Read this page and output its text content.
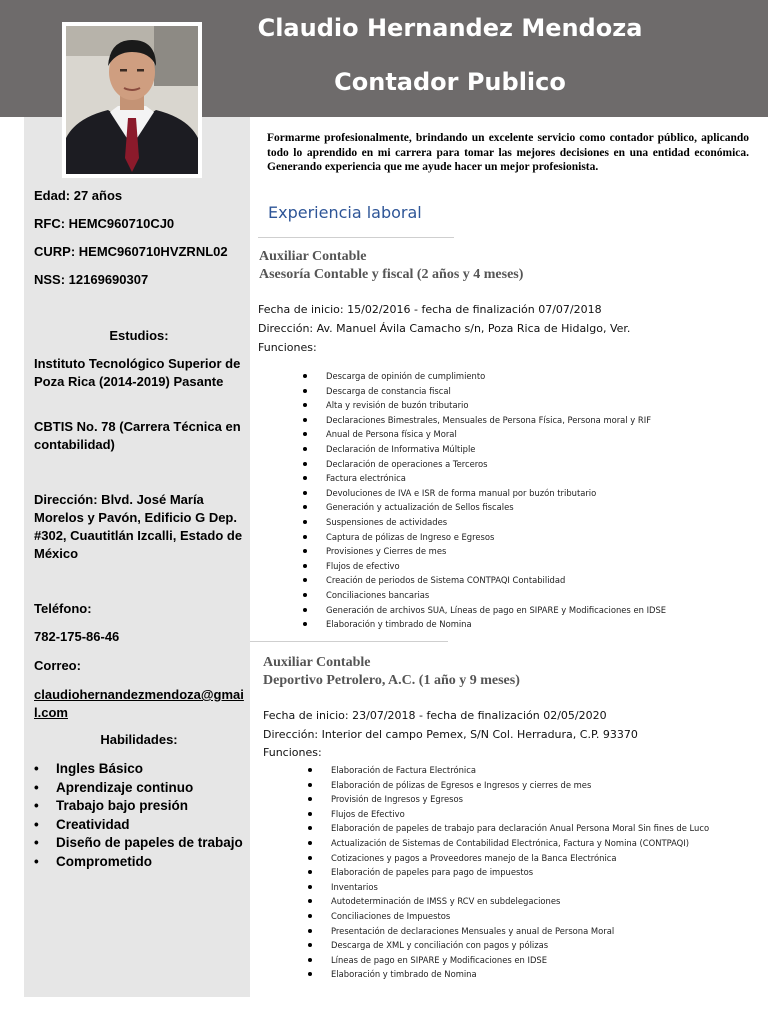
Claudio Hernandez Mendoza
Contador Publico
Edad: 27 años
RFC: HEMC960710CJ0
CURP: HEMC960710HVZRNL02
NSS: 12169690307
Estudios:
Instituto Tecnológico Superior de Poza Rica (2014-2019) Pasante
CBTIS No. 78 (Carrera Técnica en contabilidad)
Dirección: Blvd. José María Morelos y Pavón, Edificio G Dep. #302, Cuautitlán Izcalli, Estado de México
Teléfono:
782-175-86-46
Correo:
claudiohernandezmendoza@gmail.com
Habilidades:
• Ingles Básico
• Aprendizaje continuo
• Trabajo bajo presión
• Creatividad
• Diseño de papeles de trabajo
• Comprometido
Formarme profesionalmente, brindando un excelente servicio como contador público, aplicando todo lo aprendido en mi carrera para tomar las mejores decisiones en una entidad económica. Generando experiencia que me ayude hacer un mejor profesionista.
Experiencia laboral
Auxiliar Contable
Asesoría Contable y fiscal (2 años y 4 meses)
Fecha de inicio: 15/02/2016 - fecha de finalización 07/07/2018
Dirección: Av. Manuel Ávila Camacho s/n, Poza Rica de Hidalgo, Ver.
Funciones:
Descarga de opinión de cumplimiento
Descarga de constancia fiscal
Alta y revisión de buzón tributario
Declaraciones Bimestrales, Mensuales de Persona Física, Persona moral y RIF
Anual de Persona física y Moral
Declaración de Informativa Múltiple
Declaración de operaciones a Terceros
Factura electrónica
Devoluciones de IVA e ISR de forma manual por buzón tributario
Generación y actualización de Sellos fiscales
Suspensiones de actividades
Captura de pólizas de Ingreso e Egresos
Provisiones y Cierres de mes
Flujos de efectivo
Creación de periodos de Sistema CONTPAQI Contabilidad
Conciliaciones bancarias
Generación de archivos SUA, Líneas de pago en SIPARE y Modificaciones en IDSE
Elaboración y timbrado de Nomina
Auxiliar Contable
Deportivo Petrolero, A.C. (1 año y 9 meses)
Fecha de inicio: 23/07/2018 - fecha de finalización 02/05/2020
Dirección: Interior del campo Pemex, S/N Col. Herradura, C.P. 93370
Funciones:
Elaboración de Factura Electrónica
Elaboración de pólizas de Egresos e Ingresos y cierres de mes
Provisión de Ingresos y Egresos
Flujos de Efectivo
Elaboración de papeles de trabajo para declaración Anual Persona Moral Sin fines de Luco
Actualización de Sistemas de Contabilidad Electrónica, Factura y Nomina (CONTPAQI)
Cotizaciones y pagos a Proveedores manejo de la Banca Electrónica
Elaboración de papeles para pago de impuestos
Inventarios
Autodeterminación de IMSS y RCV en subdelegaciones
Conciliaciones de Impuestos
Presentación de declaraciones Mensuales y anual de Persona Moral
Descarga de XML y conciliación con pagos y pólizas
Líneas de pago en SIPARE y Modificaciones en IDSE
Elaboración y timbrado de Nomina
